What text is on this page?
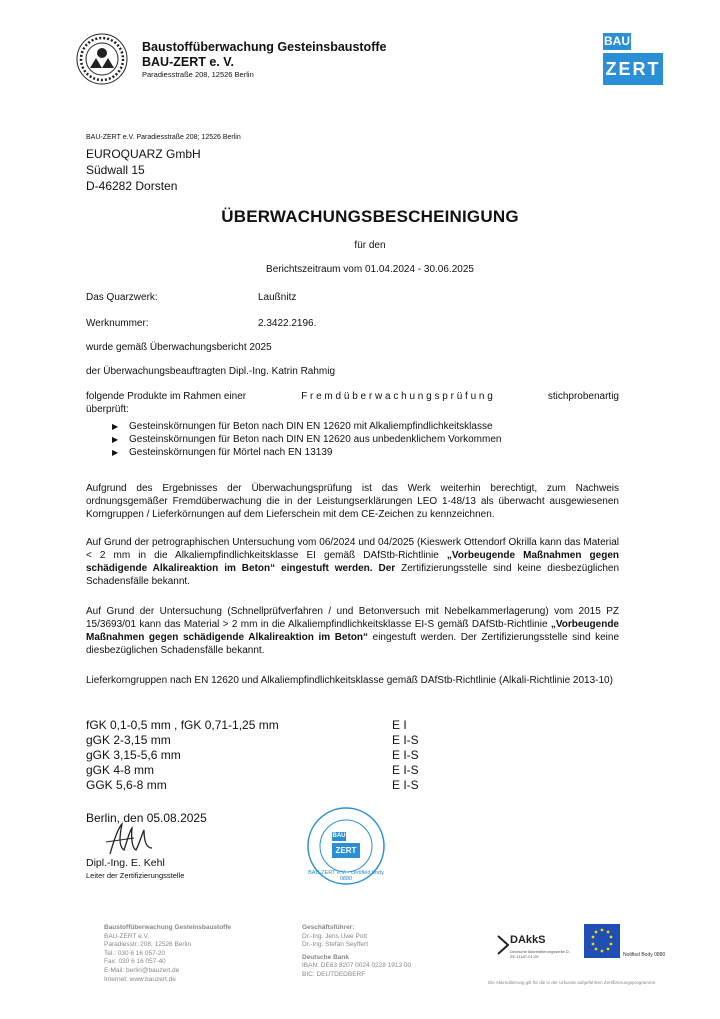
Baustoffüberwachung Gesteinsbaustoffe
BAU-ZERT e. V.
Paradiesstraße 208, 12526 Berlin
BAU
ZERT
BAU-ZERT e.V. Paradiesstraße 208; 12526 Berlin
EUROQUARZ GmbH
Südwall 15
D-46282 Dorsten
ÜBERWACHUNGSBESCHEINIGUNG
für den
Berichtszeitraum vom 01.04.2024 - 30.06.2025
Das Quarzwerk:	Laußnitz
Werknummer:	2.3422.2196.
wurde gemäß Überwachungsbericht 2025
der Überwachungsbeauftragten Dipl.-Ing. Katrin Rahmig
folgende Produkte im Rahmen einer	F r e m d ü b e r w a c h u n g s p r ü f u n g	stichprobenartig
überprüft:
▶ Gesteinskörnungen für Beton nach DIN EN 12620 mit Alkaliempfindlichkeitsklasse
▶ Gesteinskörnungen für Beton nach DIN EN 12620 aus unbedenklichem Vorkommen
▶ Gesteinskörnungen für Mörtel nach EN 13139
Aufgrund des Ergebnisses der Überwachungsprüfung ist das Werk weiterhin berechtigt, zum Nachweis ordnungsgemäßer Fremdüberwachung die in der Leistungserklärungen LEO 1-48/13 als überwacht ausgewiesenen Korngruppen / Lieferkörnungen auf dem Lieferschein mit dem CE-Zeichen zu kennzeichnen.
Auf Grund der petrographischen Untersuchung vom 06/2024 und 04/2025 (Kieswerk Ottendorf Okrilla kann das Material < 2 mm in die Alkaliempfindlichkeitsklasse EI gemäß DAfStb-Richtlinie „Vorbeugende Maßnahmen gegen schädigende Alkalireaktion im Beton“ eingestuft werden. Der Zertifizierungsstelle sind keine diesbezüglichen Schadensfälle bekannt.
Auf Grund der Untersuchung (Schnellprüfverfahren / und Betonversuch mit Nebelkammerlagerung) vom 2015 PZ 15/3693/01 kann das Material > 2 mm in die Alkaliempfindlichkeitsklasse EI-S gemäß DAfStb-Richtlinie „Vorbeugende Maßnahmen gegen schädigende Alkalireaktion im Beton“ eingestuft werden. Der Zertifizierungsstelle sind keine diesbezüglichen Schadensfälle bekannt.
Lieferkorngruppen nach EN 12620 und Alkaliempfindlichkeitsklasse gemäß DAfStb-Richtlinie (Alkali-Richtlinie 2013-10)
fGK 0,1-0,5 mm , fGK 0,71-1,25 mm	E I
gGK 2-3,15 mm	E I-S
gGK 3,15-5,6 mm	E I-S
gGK 4-8 mm	E I-S
GGK 5,6-8 mm	E I-S
Berlin, den 05.08.2025
Dipl.-Ing. E. Kehl
Leiter der Zertifizierungsstelle
BAU
ZERT
BAU-ZERT e.V. · certified body 0880
Baustoffüberwachung Gesteinsbaustoffe
BAU-ZERT e.V.
Paradiesstr. 208, 12526 Berlin
Tel.: 030 6 16 057-20
Fax: 030 6 16 057-40
E-Mail: berlin@bauzert.de
Internet: www.bauzert.de
Geschäftsführer:
Dr.-Ing. Jens Uwe Pott
Dr.-Ing. Stefan Seyffert
Deutsche Bank
IBAN: DE63 8207 0024 0228 1913 00
BIC: DEUTDEDBERF
DAkkS
Deutsche Akkreditierungsstelle D-ZE-11187-01-00	Notified Body 0880
Die Akkreditierung gilt für die in der Urkunde aufgeführten Zertifizierungsprogramme.
